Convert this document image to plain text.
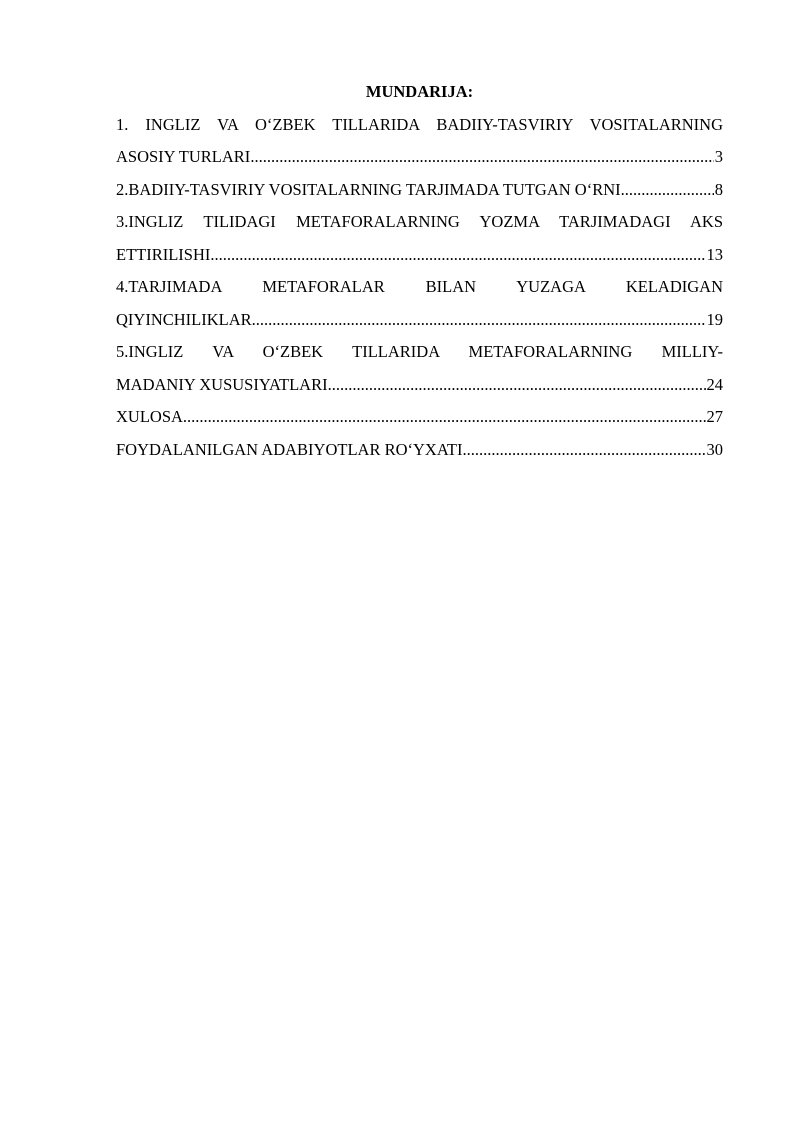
MUNDARIJA:
1. INGLIZ VA O‘ZBEK TILLARIDA BADIIY-TASVIRIY VOSITALARNING
ASOSIY TURLARI .....	3
2.BADIIY-TASVIRIY VOSITALARNING TARJIMADA TUTGAN O‘RNI .....	8
3.INGLIZ TILIDAGI METAFORALARNING YOZMA TARJIMADAGI AKS
ETTIRILISHI .....	13
4.TARJIMADA METAFORALAR BILAN YUZAGA KELADIGAN
QIYINCHILIKLAR .....	19
5.INGLIZ VA O‘ZBEK TILLARIDA METAFORALARNING MILLIY-
MADANIY XUSUSIYATLARI .....	24
XULOSA .....	27
FOYDALANILGAN ADABIYOTLAR RO‘YXATI .....	30
